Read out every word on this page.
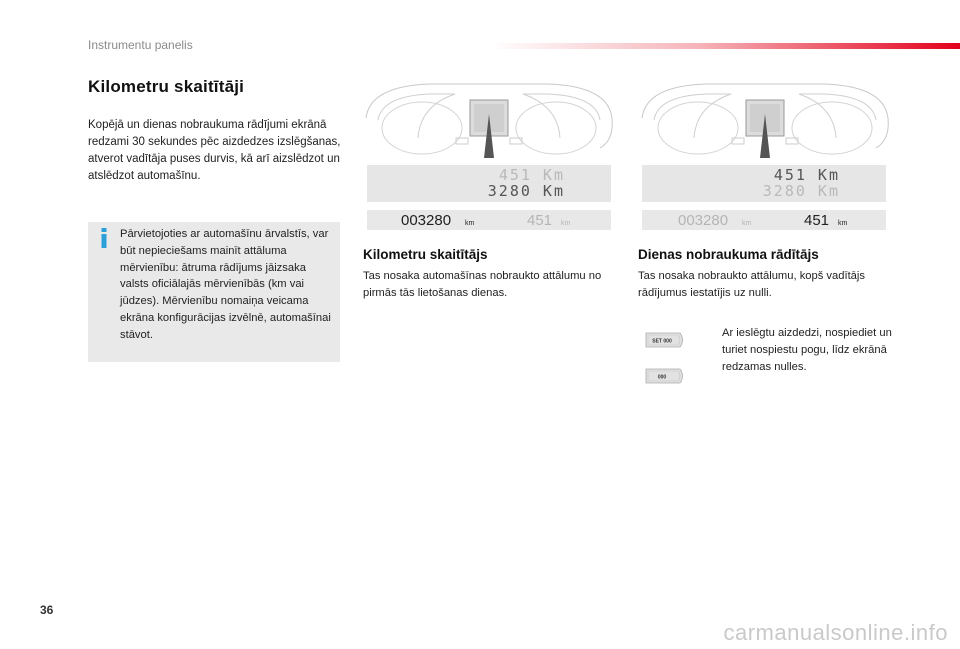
Instrumentu panelis
Kilometru skaitītāji
Kopējā un dienas nobraukuma rādījumi ekrānā redzami 30 sekundes pēc aizdedzes izslēgšanas, atverot vadītāja puses durvis, kā arī aizslēdzot un atslēdzot automašīnu.
Pārvietojoties ar automašīnu ārvalstīs, var būt nepieciešams mainīt attāluma mērvienību: ātruma rādījums jāizsaka valsts oficiālajās mērvienībās (km vai jūdzes). Mērvienību nomaiņa veicama ekrāna konfigurācijas izvēlnē, automašīnai stāvot.
451 Km
3280 Km
003280 km	451 km
Kilometru skaitītājs
Tas nosaka automašīnas nobraukto attālumu no pirmās tās lietošanas dienas.
451 Km
3280 Km
003280 km	451 km
Dienas nobraukuma rādītājs
Tas nosaka nobraukto attālumu, kopš vadītājs rādījumus iestatījis uz nulli.
SET 000
000
Ar ieslēgtu aizdedzi, nospiediet un turiet nospiestu pogu, līdz ekrānā redzamas nulles.
36
carmanualsonline.info
